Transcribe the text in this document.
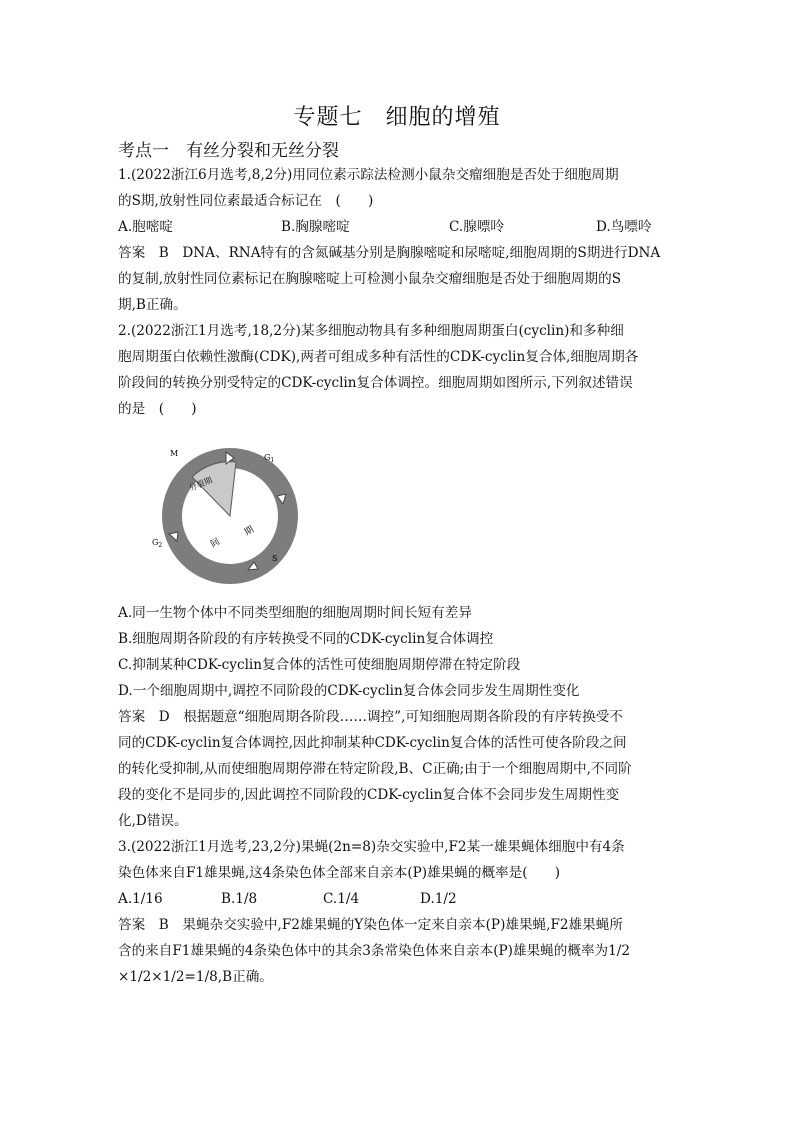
专题七　细胞的增殖
考点一　有丝分裂和无丝分裂
1.(2022浙江6月选考,8,2分)用同位素示踪法检测小鼠杂交瘤细胞是否处于细胞周期
的S期,放射性同位素最适合标记在　(　　)
A.胞嘧啶	B.胸腺嘧啶	C.腺嘌呤	D.鸟嘌呤
答案　B　DNA、RNA特有的含氮碱基分别是胸腺嘧啶和尿嘧啶,细胞周期的S期进行DNA
的复制,放射性同位素标记在胸腺嘧啶上可检测小鼠杂交瘤细胞是否处于细胞周期的S
期,B正确。
2.(2022浙江1月选考,18,2分)某多细胞动物具有多种细胞周期蛋白(cyclin)和多种细
胞周期蛋白依赖性激酶(CDK),两者可组成多种有活性的CDK-cyclin复合体,细胞周期各
阶段间的转换分别受特定的CDK-cyclin复合体调控。细胞周期如图所示,下列叙述错误
的是　(　　)
M	$G_1$
$G_2$
S
分裂期
间
期
A.同一生物个体中不同类型细胞的细胞周期时间长短有差异
B.细胞周期各阶段的有序转换受不同的CDK-cyclin复合体调控
C.抑制某种CDK-cyclin复合体的活性可使细胞周期停滞在特定阶段
D.一个细胞周期中,调控不同阶段的CDK-cyclin复合体会同步发生周期性变化
答案　D　根据题意“细胞周期各阶段……调控”,可知细胞周期各阶段的有序转换受不
同的CDK-cyclin复合体调控,因此抑制某种CDK-cyclin复合体的活性可使各阶段之间
的转化受抑制,从而使细胞周期停滞在特定阶段,B、C正确;由于一个细胞周期中,不同阶
段的变化不是同步的,因此调控不同阶段的CDK-cyclin复合体不会同步发生周期性变
化,D错误。
3.(2022浙江1月选考,23,2分)果蝇(2n=8)杂交实验中,F2某一雄果蝇体细胞中有4条
染色体来自F1雄果蝇,这4条染色体全部来自亲本(P)雄果蝇的概率是(　　)
A.1/16	B.1/8	C.1/4	D.1/2
答案　B　果蝇杂交实验中,F2雄果蝇的Y染色体一定来自亲本(P)雄果蝇,F2雄果蝇所
含的来自F1雄果蝇的4条染色体中的其余3条常染色体来自亲本(P)雄果蝇的概率为1/2
×1/2×1/2=1/8,B正确。
